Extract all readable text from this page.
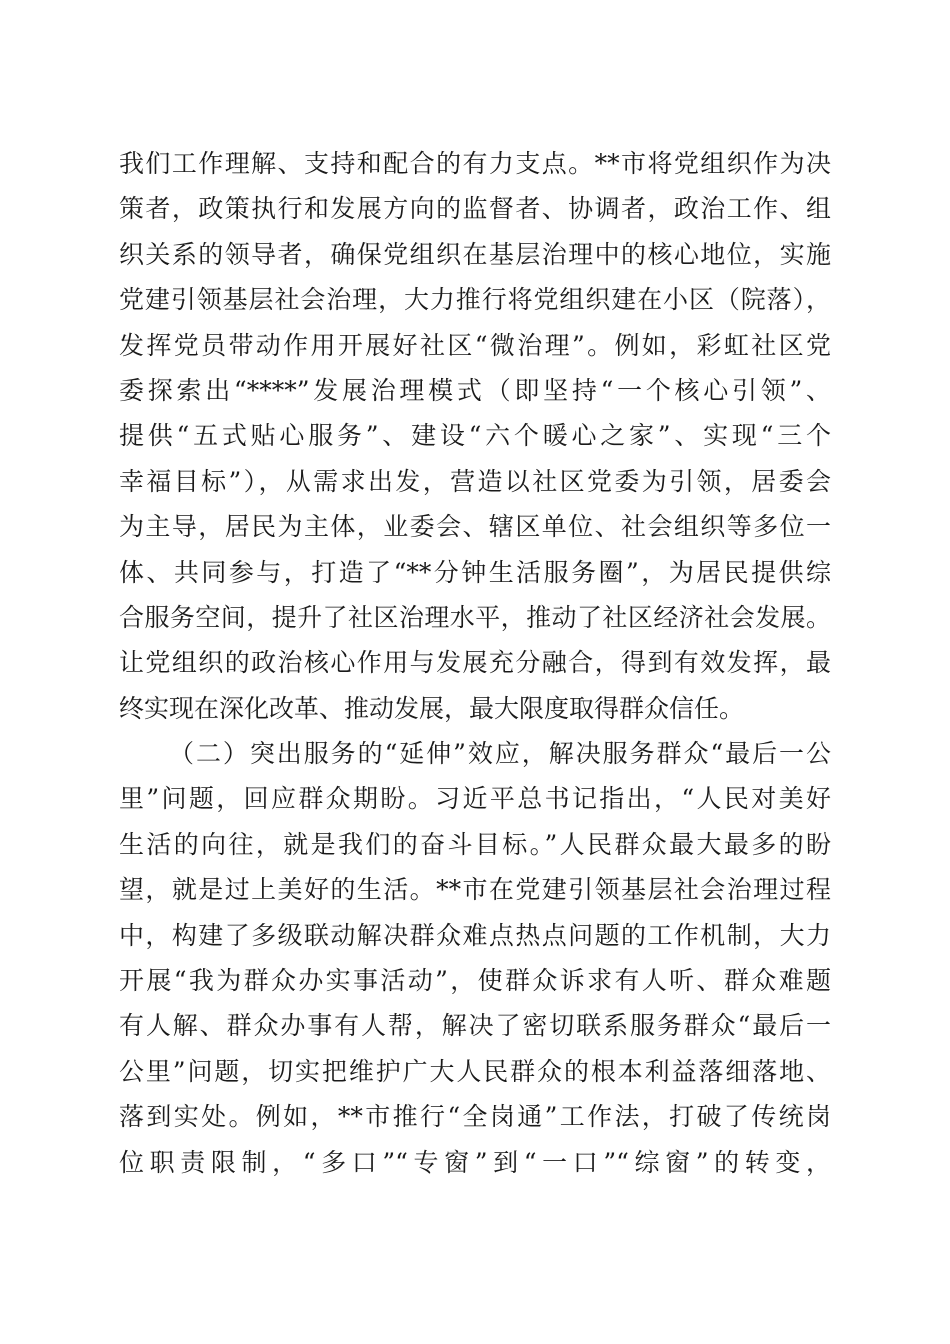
我们工作理解、支持和配合的有力支点。**市将党组织作为决
策者，政策执行和发展方向的监督者、协调者，政治工作、组
织关系的领导者，确保党组织在基层治理中的核心地位，实施
党建引领基层社会治理，大力推行将党组织建在小区（院落），
发挥党员带动作用开展好社区“微治理”。例如，彩虹社区党
委探索出“****”发展治理模式（即坚持“一个核心引领”、
提供“五式贴心服务”、建设“六个暖心之家”、实现“三个
幸福目标”），从需求出发，营造以社区党委为引领，居委会
为主导，居民为主体，业委会、辖区单位、社会组织等多位一
体、共同参与，打造了“**分钟生活服务圈”，为居民提供综
合服务空间，提升了社区治理水平，推动了社区经济社会发展。
让党组织的政治核心作用与发展充分融合，得到有效发挥，最
终实现在深化改革、推动发展，最大限度取得群众信任。
（二）突出服务的“延伸”效应，解决服务群众“最后一公
里”问题，回应群众期盼。习近平总书记指出，“人民对美好
生活的向往，就是我们的奋斗目标。”人民群众最大最多的盼
望，就是过上美好的生活。**市在党建引领基层社会治理过程
中，构建了多级联动解决群众难点热点问题的工作机制，大力
开展“我为群众办实事活动”，使群众诉求有人听、群众难题
有人解、群众办事有人帮，解决了密切联系服务群众“最后一
公里”问题，切实把维护广大人民群众的根本利益落细落地、
落到实处。例如，**市推行“全岗通”工作法，打破了传统岗
位职责限制，“多口”“专窗”到“一口”“综窗”的转变，
